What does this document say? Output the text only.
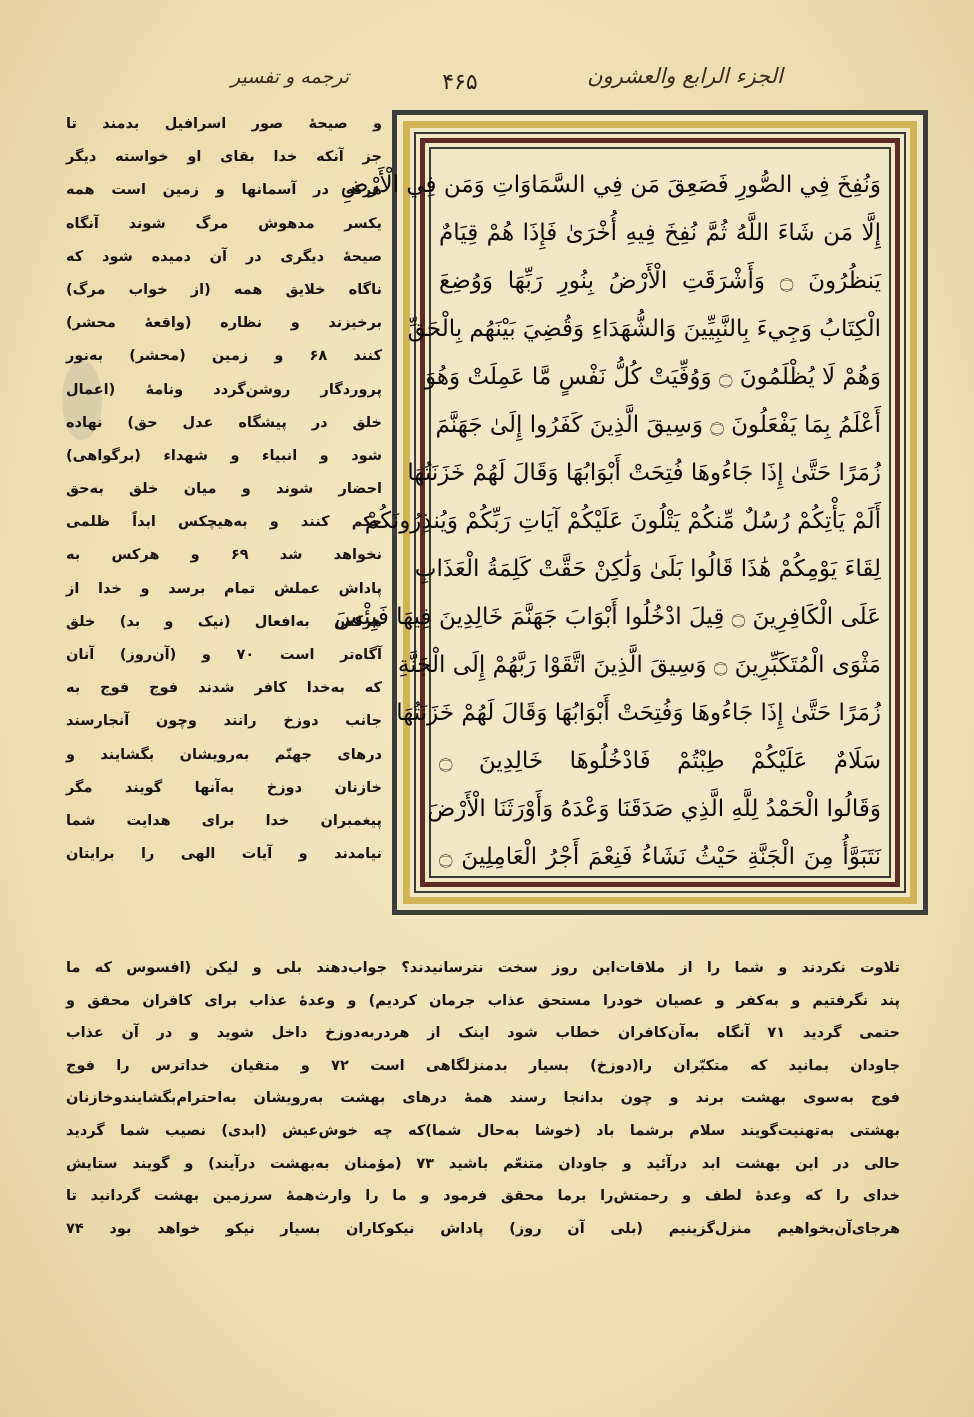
ترجمه و تفسیر	۴۶۵	الجزء الرابع والعشرون
وَنُفِخَ فِي الصُّورِ فَصَعِقَ مَن فِي السَّمَاوَاتِ وَمَن فِي الْأَرْضِ
إِلَّا مَن شَاءَ اللَّهُ ثُمَّ نُفِخَ فِيهِ أُخْرَىٰ فَإِذَا هُمْ قِيَامٌ
يَنظُرُونَ ۝ وَأَشْرَقَتِ الْأَرْضُ بِنُورِ رَبِّهَا وَوُضِعَ
الْكِتَابُ وَجِيءَ بِالنَّبِيِّينَ وَالشُّهَدَاءِ وَقُضِيَ بَيْنَهُم بِالْحَقِّ
وَهُمْ لَا يُظْلَمُونَ ۝ وَوُفِّيَتْ كُلُّ نَفْسٍ مَّا عَمِلَتْ وَهُوَ
أَعْلَمُ بِمَا يَفْعَلُونَ ۝ وَسِيقَ الَّذِينَ كَفَرُوا إِلَىٰ جَهَنَّمَ
زُمَرًا حَتَّىٰ إِذَا جَاءُوهَا فُتِحَتْ أَبْوَابُهَا وَقَالَ لَهُمْ خَزَنَتُهَا
أَلَمْ يَأْتِكُمْ رُسُلٌ مِّنكُمْ يَتْلُونَ عَلَيْكُمْ آيَاتِ رَبِّكُمْ وَيُنذِرُونَكُمْ
لِقَاءَ يَوْمِكُمْ هَٰذَا قَالُوا بَلَىٰ وَلَٰكِنْ حَقَّتْ كَلِمَةُ الْعَذَابِ
عَلَى الْكَافِرِينَ ۝ قِيلَ ادْخُلُوا أَبْوَابَ جَهَنَّمَ خَالِدِينَ فِيهَا فَبِئْسَ
مَثْوَى الْمُتَكَبِّرِينَ ۝ وَسِيقَ الَّذِينَ اتَّقَوْا رَبَّهُمْ إِلَى الْجَنَّةِ
زُمَرًا حَتَّىٰ إِذَا جَاءُوهَا وَفُتِحَتْ أَبْوَابُهَا وَقَالَ لَهُمْ خَزَنَتُهَا
سَلَامٌ عَلَيْكُمْ طِبْتُمْ فَادْخُلُوهَا خَالِدِينَ ۝
وَقَالُوا الْحَمْدُ لِلَّهِ الَّذِي صَدَقَنَا وَعْدَهُ وَأَوْرَثَنَا الْأَرْضَ
نَتَبَوَّأُ مِنَ الْجَنَّةِ حَيْثُ نَشَاءُ فَنِعْمَ أَجْرُ الْعَامِلِينَ ۝
و صیحهٔ صور اسرافیل بدمند تا
جز آنکه خدا بقای او خواسته دیگر
هرکه در آسمانها و زمین است همه
یکسر مدهوش مرگ شوند آنگاه
صیحهٔ دیگری در آن دمیده شود که
ناگاه خلایق همه (از خواب مرگ)
برخیزند و نظاره (واقعهٔ محشر)
کنند ۶۸ و زمین (محشر) به‌نور
پروردگار روشن‌گردد ونامهٔ (اعمال
خلق در پیشگاه عدل حق) نهاده
شود و انبیاء و شهداء (برگواهی)
احضار شوند و میان خلق به‌حق
حکم کنند و به‌هیچکس ابداً ظلمی
نخواهد شد ۶۹ و هرکس به
پاداش عملش تمام برسد و خدا از
هرکس به‌افعال (نیک و بد) خلق
آگاه‌تر است ۷۰ و (آن‌روز) آنان
که به‌خدا کافر شدند فوج فوج به
جانب دوزخ رانند وچون آنجارسند
درهای جهنّم به‌رویشان بگشایند و
خازنان دوزخ به‌آنها گویند مگر
پیغمبران خدا برای هدایت شما
نیامدند و آیات الهی را برایتان
تلاوت نکردند و شما را از ملاقات‌این روز سخت نترسانیدند؟ جواب‌دهند بلی و لیکن (افسوس که ما
پند نگرفتیم و به‌کفر و عصیان خودرا مستحق عذاب جرمان کردیم) و وعدهٔ عذاب برای کافران محقق و
حتمی گردید ۷۱ آنگاه به‌آن‌کافران خطاب شود اینک از هردربه‌دوزخ داخل شوید و در آن عذاب
جاودان بمانید که متکبّران را(دوزخ) بسیار بدمنزلگاهی است ۷۲ و متقیان خداترس را فوج
فوج به‌سوی بهشت برند و چون بدانجا رسند همهٔ درهای بهشت به‌رویشان به‌احترام‌بگشایندوخازنان
بهشتی به‌تهنیت‌گویند سلام برشما باد (خوشا به‌حال شما)که چه خوش‌عیش (ابدی) نصیب شما گردید
حالی در این بهشت ابد درآئید و جاودان متنعّم باشید ۷۳ (مؤمنان به‌بهشت درآیند) و گویند ستایش
خدای را که وعدهٔ لطف و رحمتش‌را برما محقق فرمود و ما را وارث‌همهٔ سرزمین بهشت گردانید تا
هرجای‌آن‌بخواهیم منزل‌گزینیم (بلی آن روز) پاداش نیکوکاران بسیار نیکو خواهد بود ۷۴
